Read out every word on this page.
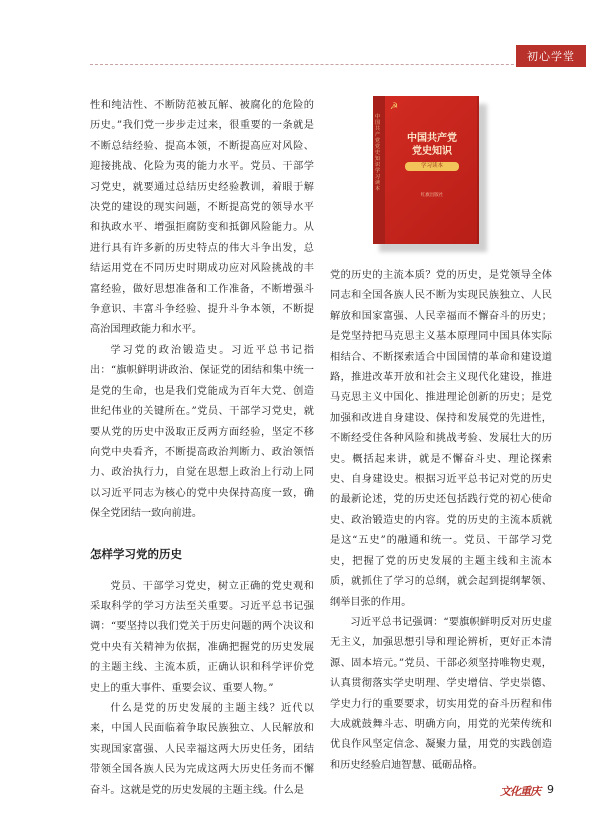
初心学堂
中国共产党党史知识学习读本
☭
中国共产党
党史知识
学习读本
红旗出版社

性和纯洁性、不断防范被瓦解、被腐化的危险的历史。”我们党一步步走过来，很重要的一条就是不断总结经验、提高本领，不断提高应对风险、迎接挑战、化险为夷的能力水平。党员、干部学习党史，就要通过总结历史经验教训，着眼于解决党的建设的现实问题，不断提高党的领导水平和执政水平、增强拒腐防变和抵御风险能力。从进行具有许多新的历史特点的伟大斗争出发，总结运用党在不同历史时期成功应对风险挑战的丰富经验，做好思想准备和工作准备，不断增强斗争意识、丰富斗争经验、提升斗争本领，不断提高治国理政能力和水平。

学习党的政治锻造史。习近平总书记指出：“旗帜鲜明讲政治、保证党的团结和集中统一是党的生命，也是我们党能成为百年大党、创造世纪伟业的关键所在。”党员、干部学习党史，就要从党的历史中汲取正反两方面经验，坚定不移向党中央看齐，不断提高政治判断力、政治领悟力、政治执行力，自觉在思想上政治上行动上同以习近平同志为核心的党中央保持高度一致，确保全党团结一致向前进。

怎样学习党的历史

党员、干部学习党史，树立正确的党史观和采取科学的学习方法至关重要。习近平总书记强调：“要坚持以我们党关于历史问题的两个决议和党中央有关精神为依据，准确把握党的历史发展的主题主线、主流本质，正确认识和科学评价党史上的重大事件、重要会议、重要人物。”

什么是党的历史发展的主题主线？近代以来，中国人民面临着争取民族独立、人民解放和实现国家富强、人民幸福这两大历史任务，团结带领全国各族人民为完成这两大历史任务而不懈奋斗。这就是党的历史发展的主题主线。什么是

党的历史的主流本质？党的历史，是党领导全体同志和全国各族人民不断为实现民族独立、人民解放和国家富强、人民幸福而不懈奋斗的历史；是党坚持把马克思主义基本原理同中国具体实际相结合、不断探索适合中国国情的革命和建设道路，推进改革开放和社会主义现代化建设，推进马克思主义中国化、推进理论创新的历史；是党加强和改进自身建设、保持和发展党的先进性，不断经受住各种风险和挑战考验、发展壮大的历史。概括起来讲，就是不懈奋斗史、理论探索史、自身建设史。根据习近平总书记对党的历史的最新论述，党的历史还包括践行党的初心使命史、政治锻造史的内容。党的历史的主流本质就是这“五史”的融通和统一。党员、干部学习党史，把握了党的历史发展的主题主线和主流本质，就抓住了学习的总纲，就会起到提纲挈领、纲举目张的作用。

习近平总书记强调：“要旗帜鲜明反对历史虚无主义，加强思想引导和理论辨析，更好正本清源、固本培元。”党员、干部必须坚持唯物史观，认真贯彻落实学史明理、学史增信、学史崇德、学史力行的重要要求，切实用党的奋斗历程和伟大成就鼓舞斗志、明确方向，用党的光荣传统和优良作风坚定信念、凝聚力量，用党的实践创造和历史经验启迪智慧、砥砺品格。

文化重庆 9
